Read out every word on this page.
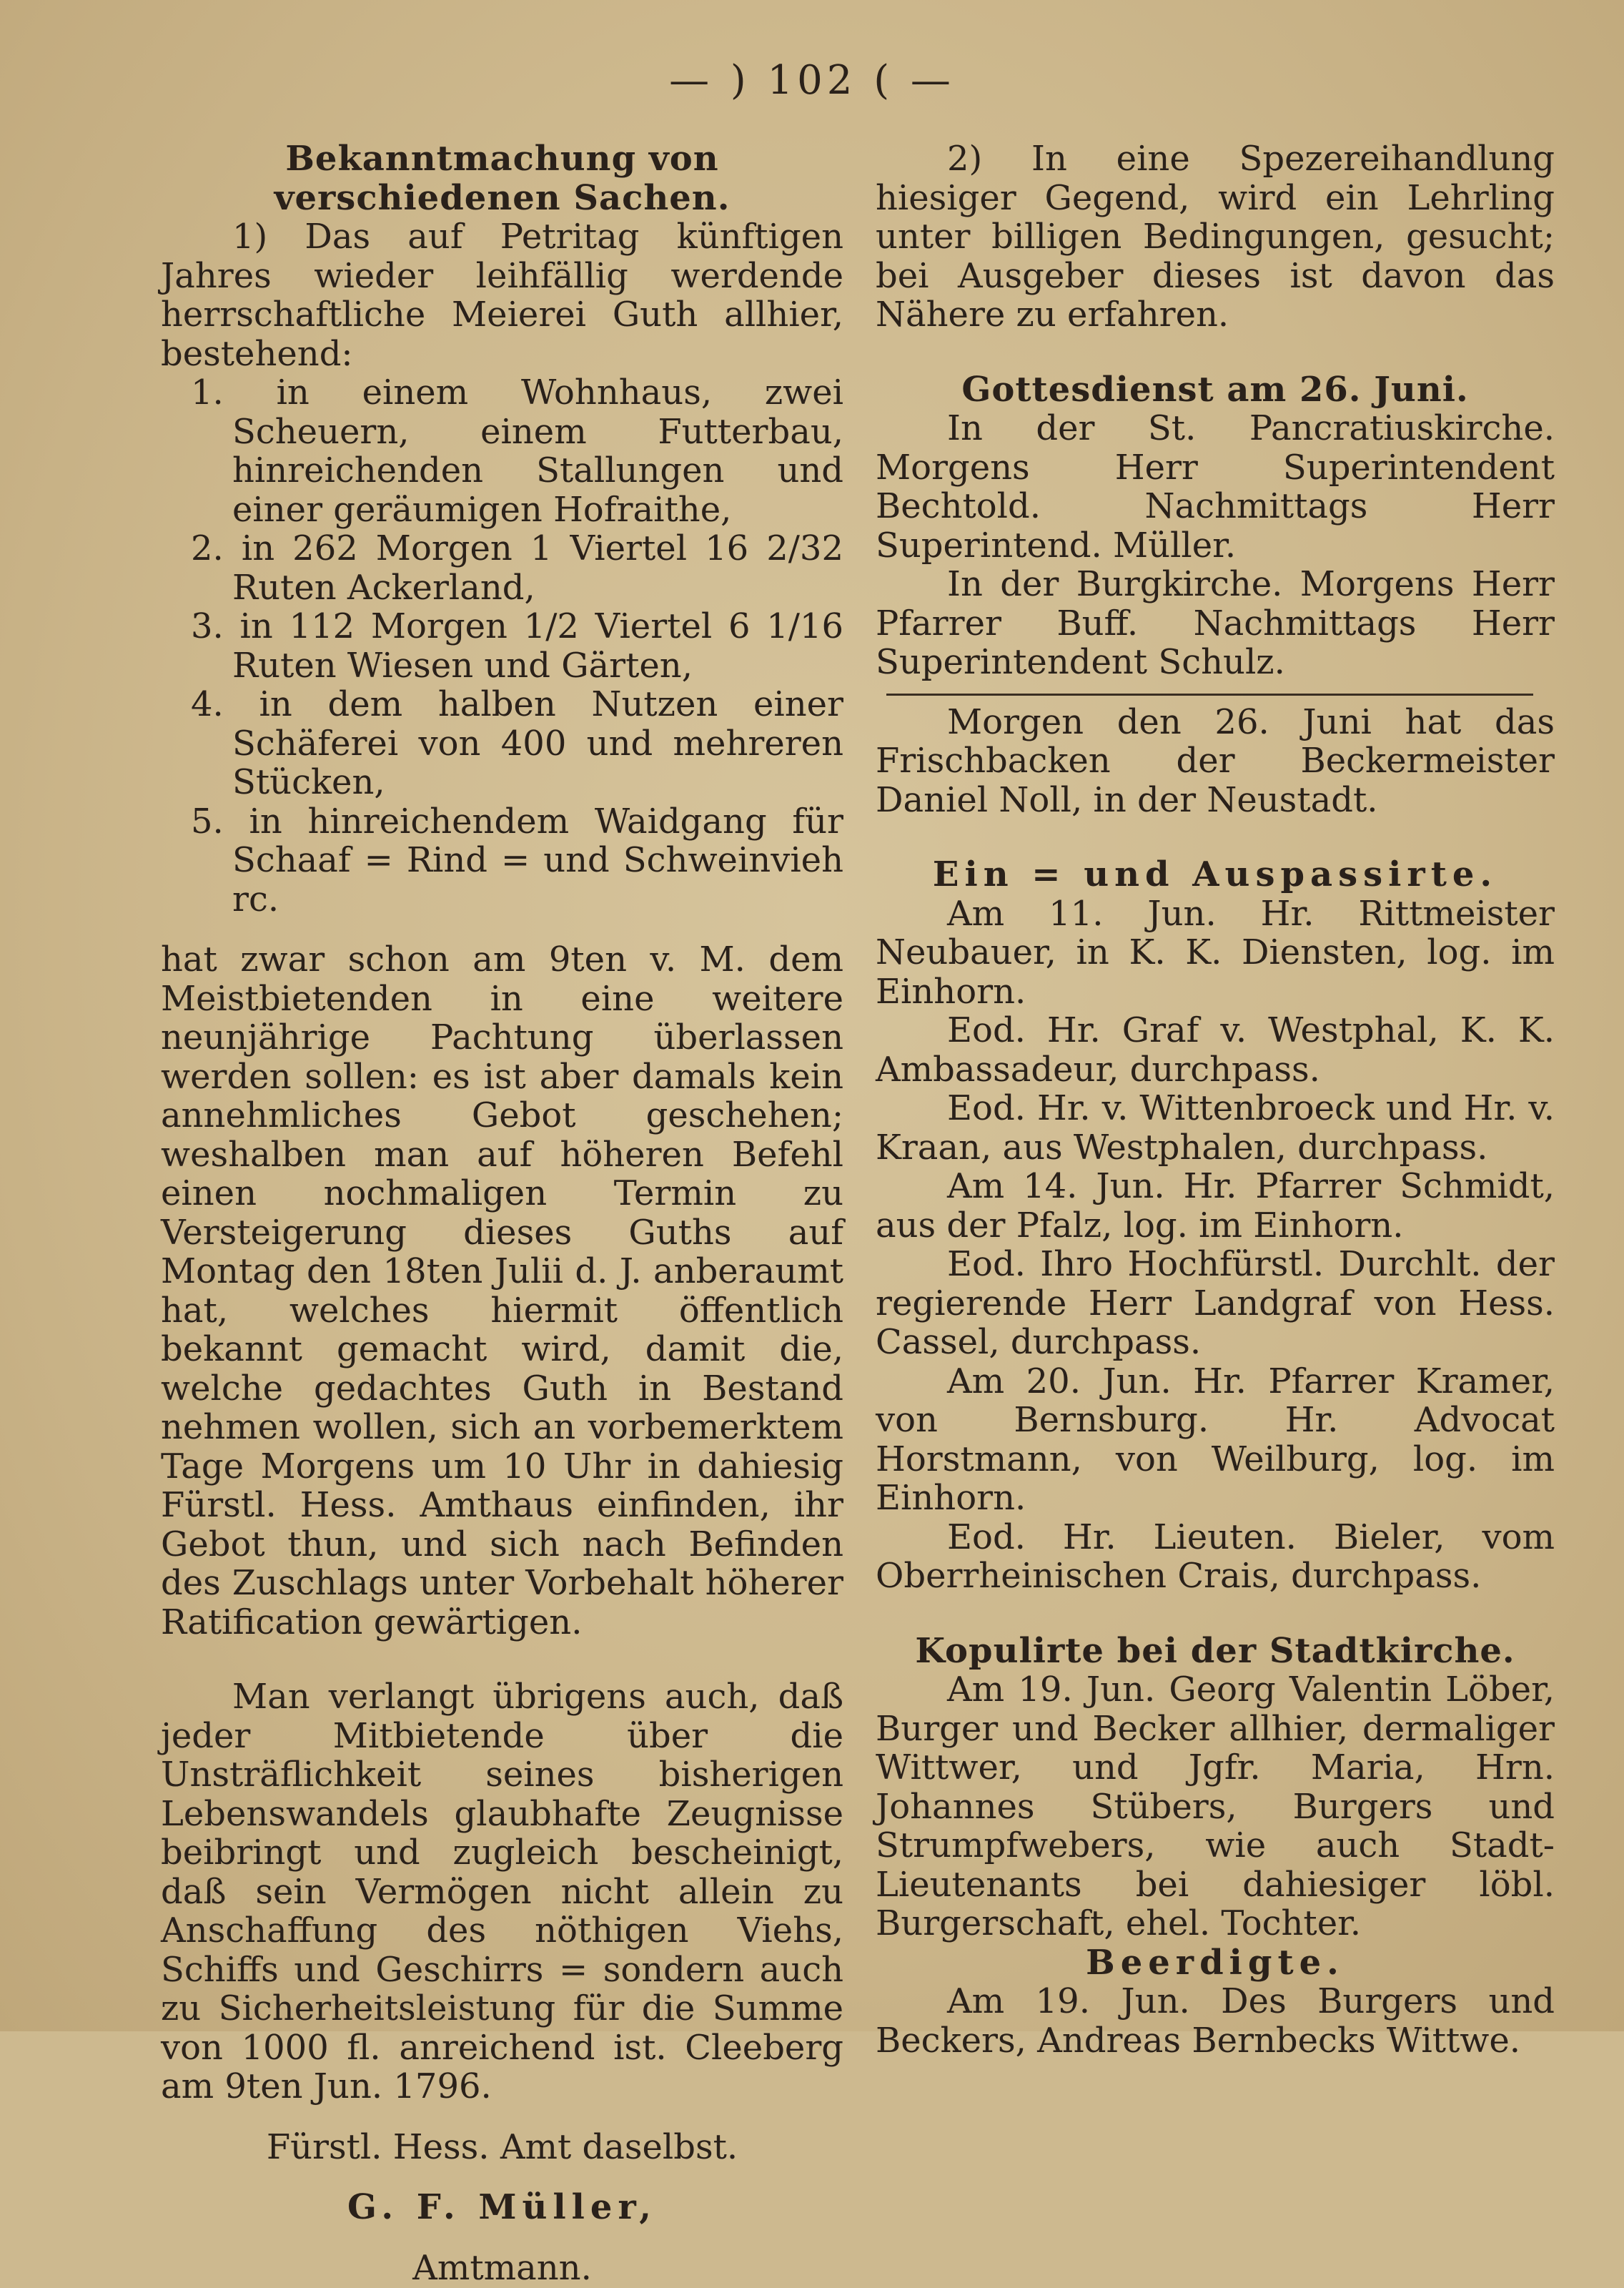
— ) 102 ( —
Bekanntmachung von verschiedenen Sachen.

1) Das auf Petritag künftigen Jahres wieder leihfällig werdende herrschaftliche Meierei Guth allhier, bestehend:

1. in einem Wohnhaus, zwei Scheuern, einem Futterbau, hinreichenden Stallungen und einer geräumigen Hofraithe,

2. in 262 Morgen 1 Viertel 16 2/32 Ruten Ackerland,

3. in 112 Morgen 1/2 Viertel 6 1/16 Ruten Wiesen und Gärten,

4. in dem halben Nutzen einer Schäferei von 400 und mehreren Stücken,

5. in hinreichendem Waidgang für Schaaf = Rind = und Schweinvieh rc.

hat zwar schon am 9ten v. M. dem Meistbietenden in eine weitere neunjährige Pachtung überlassen werden sollen: es ist aber damals kein annehmliches Gebot geschehen; weshalben man auf höheren Befehl einen nochmaligen Termin zu Versteigerung dieses Guths auf Montag den 18ten Julii d. J. anberaumt hat, welches hiermit öffentlich bekannt gemacht wird, damit die, welche gedachtes Guth in Bestand nehmen wollen, sich an vorbemerktem Tage Morgens um 10 Uhr in dahiesig Fürstl. Hess. Amthaus einfinden, ihr Gebot thun, und sich nach Befinden des Zuschlags unter Vorbehalt höherer Ratification gewärtigen.

Man verlangt übrigens auch, daß jeder Mitbietende über die Unsträflichkeit seines bisherigen Lebenswandels glaubhafte Zeugnisse beibringt und zugleich bescheinigt, daß sein Vermögen nicht allein zu Anschaffung des nöthigen Viehs, Schiffs und Geschirrs = sondern auch zu Sicherheitsleistung für die Summe von 1000 fl. anreichend ist. Cleeberg am 9ten Jun. 1796.

Fürstl. Hess. Amt daselbst.

G. F. Müller,

Amtmann.

2) In eine Spezereihandlung hiesiger Gegend, wird ein Lehrling unter billigen Bedingungen, gesucht; bei Ausgeber dieses ist davon das Nähere zu erfahren.

Gottesdienst am 26. Juni.

In der St. Pancratiuskirche. Morgens Herr Superintendent Bechtold. Nachmittags Herr Superintend. Müller.

In der Burgkirche. Morgens Herr Pfarrer Buff. Nachmittags Herr Superintendent Schulz.

Morgen den 26. Juni hat das Frischbacken der Beckermeister Daniel Noll, in der Neustadt.

Ein = und Auspassirte.

Am 11. Jun. Hr. Rittmeister Neubauer, in K. K. Diensten, log. im Einhorn.

Eod. Hr. Graf v. Westphal, K. K. Ambassadeur, durchpass.

Eod. Hr. v. Wittenbroeck und Hr. v. Kraan, aus Westphalen, durchpass.

Am 14. Jun. Hr. Pfarrer Schmidt, aus der Pfalz, log. im Einhorn.

Eod. Ihro Hochfürstl. Durchlt. der regierende Herr Landgraf von Hess. Cassel, durchpass.

Am 20. Jun. Hr. Pfarrer Kramer, von Bernsburg. Hr. Advocat Horstmann, von Weilburg, log. im Einhorn.

Eod. Hr. Lieuten. Bieler, vom Oberrheinischen Crais, durchpass.

Kopulirte bei der Stadtkirche.

Am 19. Jun. Georg Valentin Löber, Burger und Becker allhier, dermaliger Wittwer, und Jgfr. Maria, Hrn. Johannes Stübers, Burgers und Strumpfwebers, wie auch Stadt-Lieutenants bei dahiesiger löbl. Burgerschaft, ehel. Tochter.

Beerdigte.

Am 19. Jun. Des Burgers und Beckers, Andreas Bernbecks Wittwe.
